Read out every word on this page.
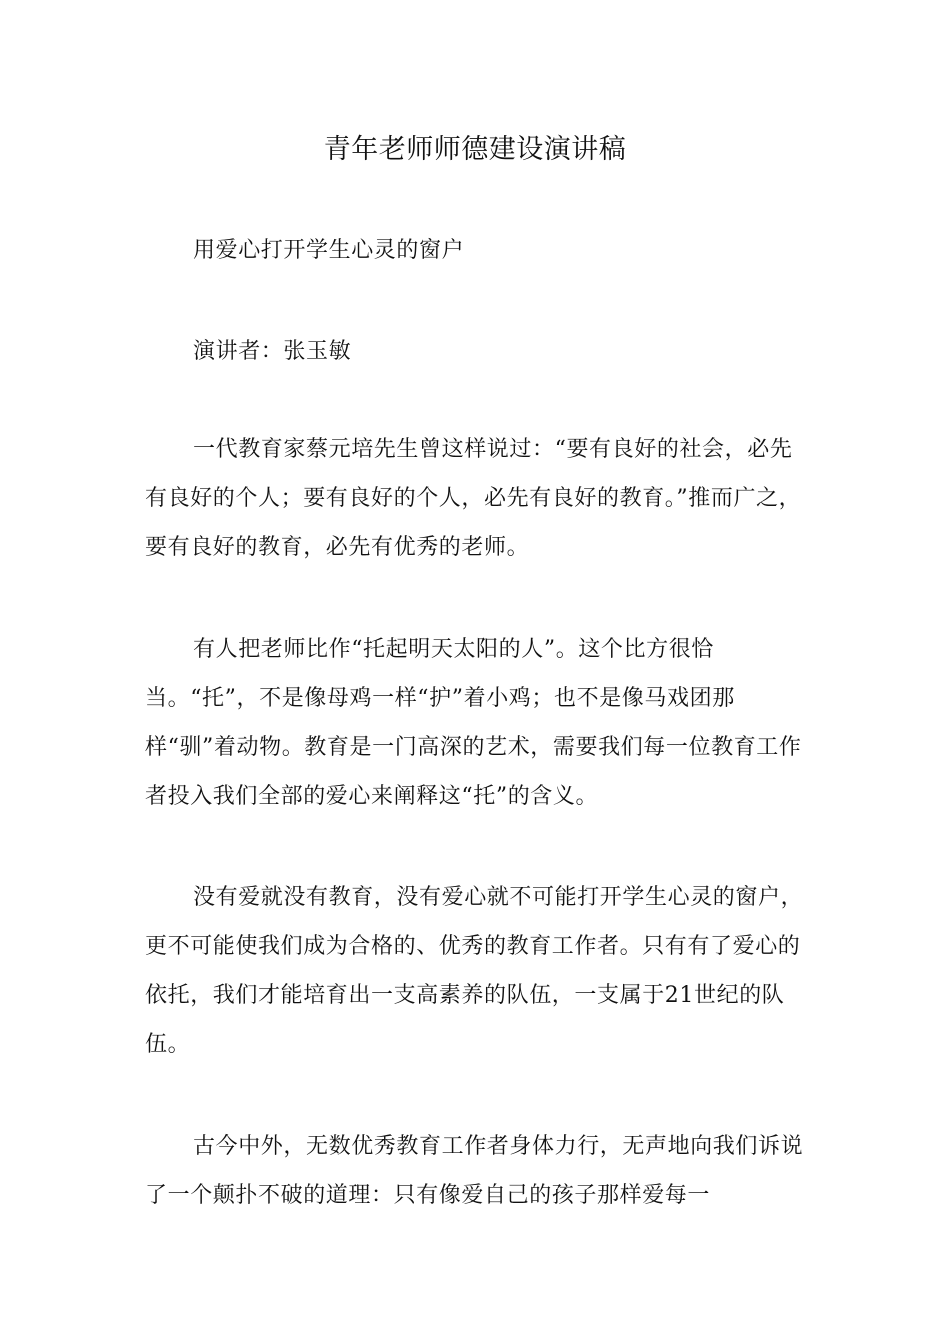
青年老师师德建设演讲稿

用爱心打开学生心灵的窗户

演讲者：张玉敏

一代教育家蔡元培先生曾这样说过：“要有良好的社会，必先有良好的个人；要有良好的个人，必先有良好的教育。”推而广之，要有良好的教育，必先有优秀的老师。

有人把老师比作“托起明天太阳的人”。这个比方很恰当。“托”，不是像母鸡一样“护”着小鸡；也不是像马戏团那样“驯”着动物。教育是一门高深的艺术，需要我们每一位教育工作者投入我们全部的爱心来阐释这“托”的含义。

没有爱就没有教育，没有爱心就不可能打开学生心灵的窗户，更不可能使我们成为合格的、优秀的教育工作者。只有有了爱心的依托，我们才能培育出一支高素养的队伍，一支属于21世纪的队伍。

古今中外，无数优秀教育工作者身体力行，无声地向我们诉说了一个颠扑不破的道理：只有像爱自己的孩子那样爱每一
